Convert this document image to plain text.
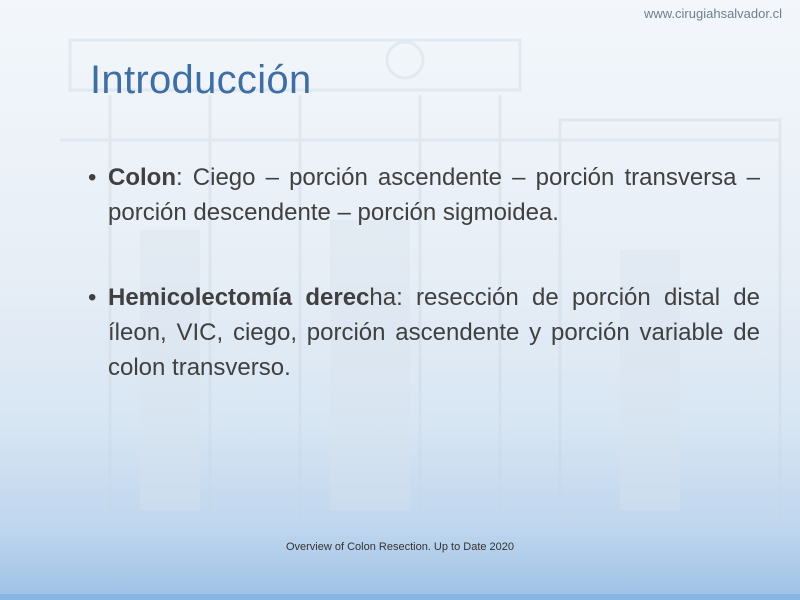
www.cirugiahsalvador.cl
Introducción
• Colon: Ciego – porción ascendente – porción transversa – porción descendente – porción sigmoidea.
• Hemicolectomía derecha: resección de porción distal de íleon, VIC, ciego, porción ascendente y porción variable de colon transverso.
Overview of Colon Resection. Up to Date 2020
